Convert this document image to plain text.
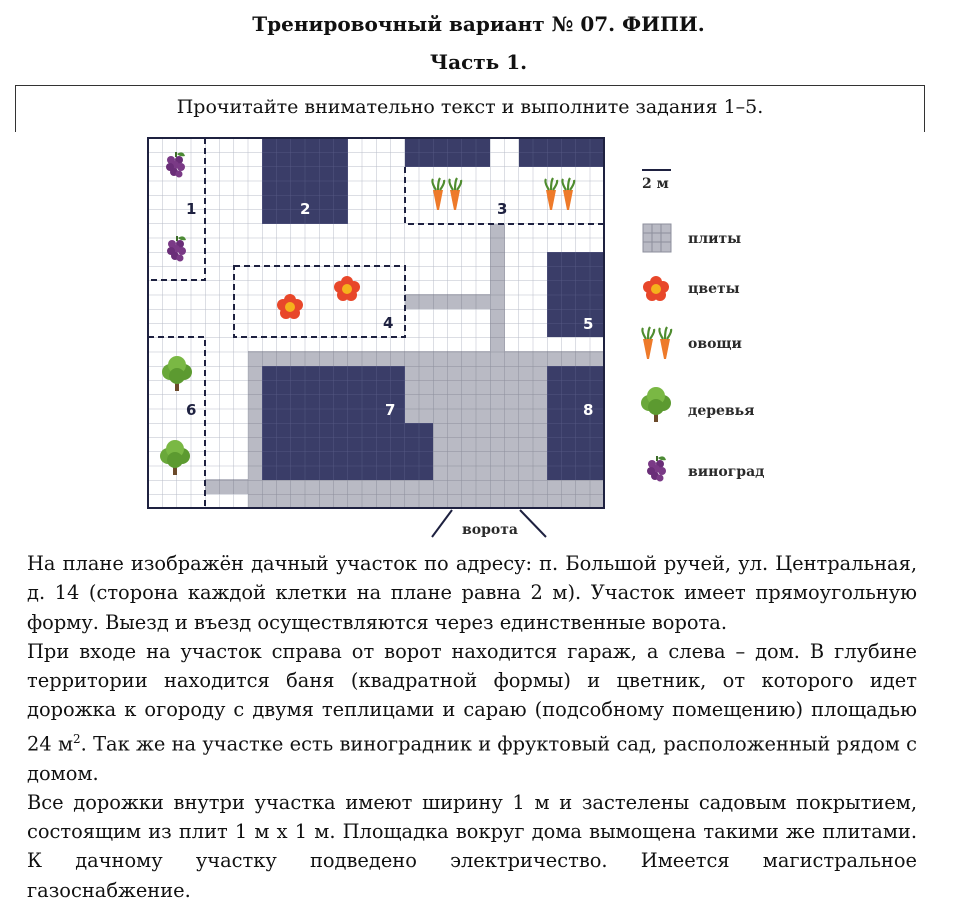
Тренировочный вариант № 07. ФИПИ.
Часть 1.
Прочитайте внимательно текст и выполните задания 1–5.
1	2	3
4	5
6	7	8
ворота
2 м
плиты
цветы
овощи
деревья
виноград

На плане изображён дачный участок по адресу: п. Большой ручей, ул. Центральная, д. 14 (сторона каждой клетки на плане равна 2 м). Участок имеет прямоугольную форму. Выезд и въезд осуществляются через единственные ворота.

При входе на участок справа от ворот находится гараж, а слева – дом. В глубине территории находится баня (квадратной формы) и цветник, от которого идет дорожка к огороду с двумя теплицами и сараю (подсобному помещению) площадью 24 $м^2$. Так же на участке есть виноградник и фруктовый сад, расположенный рядом с домом.

Все дорожки внутри участка имеют ширину 1 м и застелены садовым покрытием, состоящим из плит 1 м х 1 м. Площадка вокруг дома вымощена такими же плитами. К дачному участку подведено электричество. Имеется магистральное газоснабжение.
